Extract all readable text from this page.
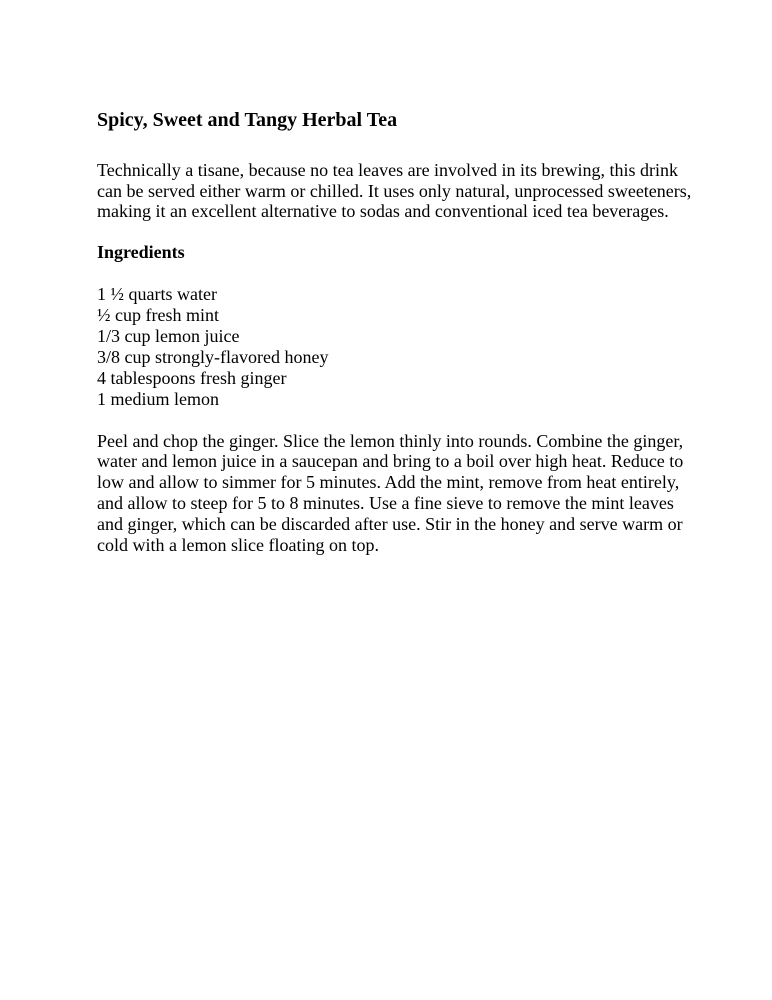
Spicy, Sweet and Tangy Herbal Tea

Technically a tisane, because no tea leaves are involved in its brewing, this drink can be served either warm or chilled. It uses only natural, unprocessed sweeteners, making it an excellent alternative to sodas and conventional iced tea beverages.

Ingredients
1 ½ quarts water
½ cup fresh mint
1/3 cup lemon juice
3/8 cup strongly-flavored honey
4 tablespoons fresh ginger
1 medium lemon

Peel and chop the ginger. Slice the lemon thinly into rounds. Combine the ginger, water and lemon juice in a saucepan and bring to a boil over high heat. Reduce to low and allow to simmer for 5 minutes. Add the mint, remove from heat entirely, and allow to steep for 5 to 8 minutes. Use a fine sieve to remove the mint leaves and ginger, which can be discarded after use. Stir in the honey and serve warm or cold with a lemon slice floating on top.
